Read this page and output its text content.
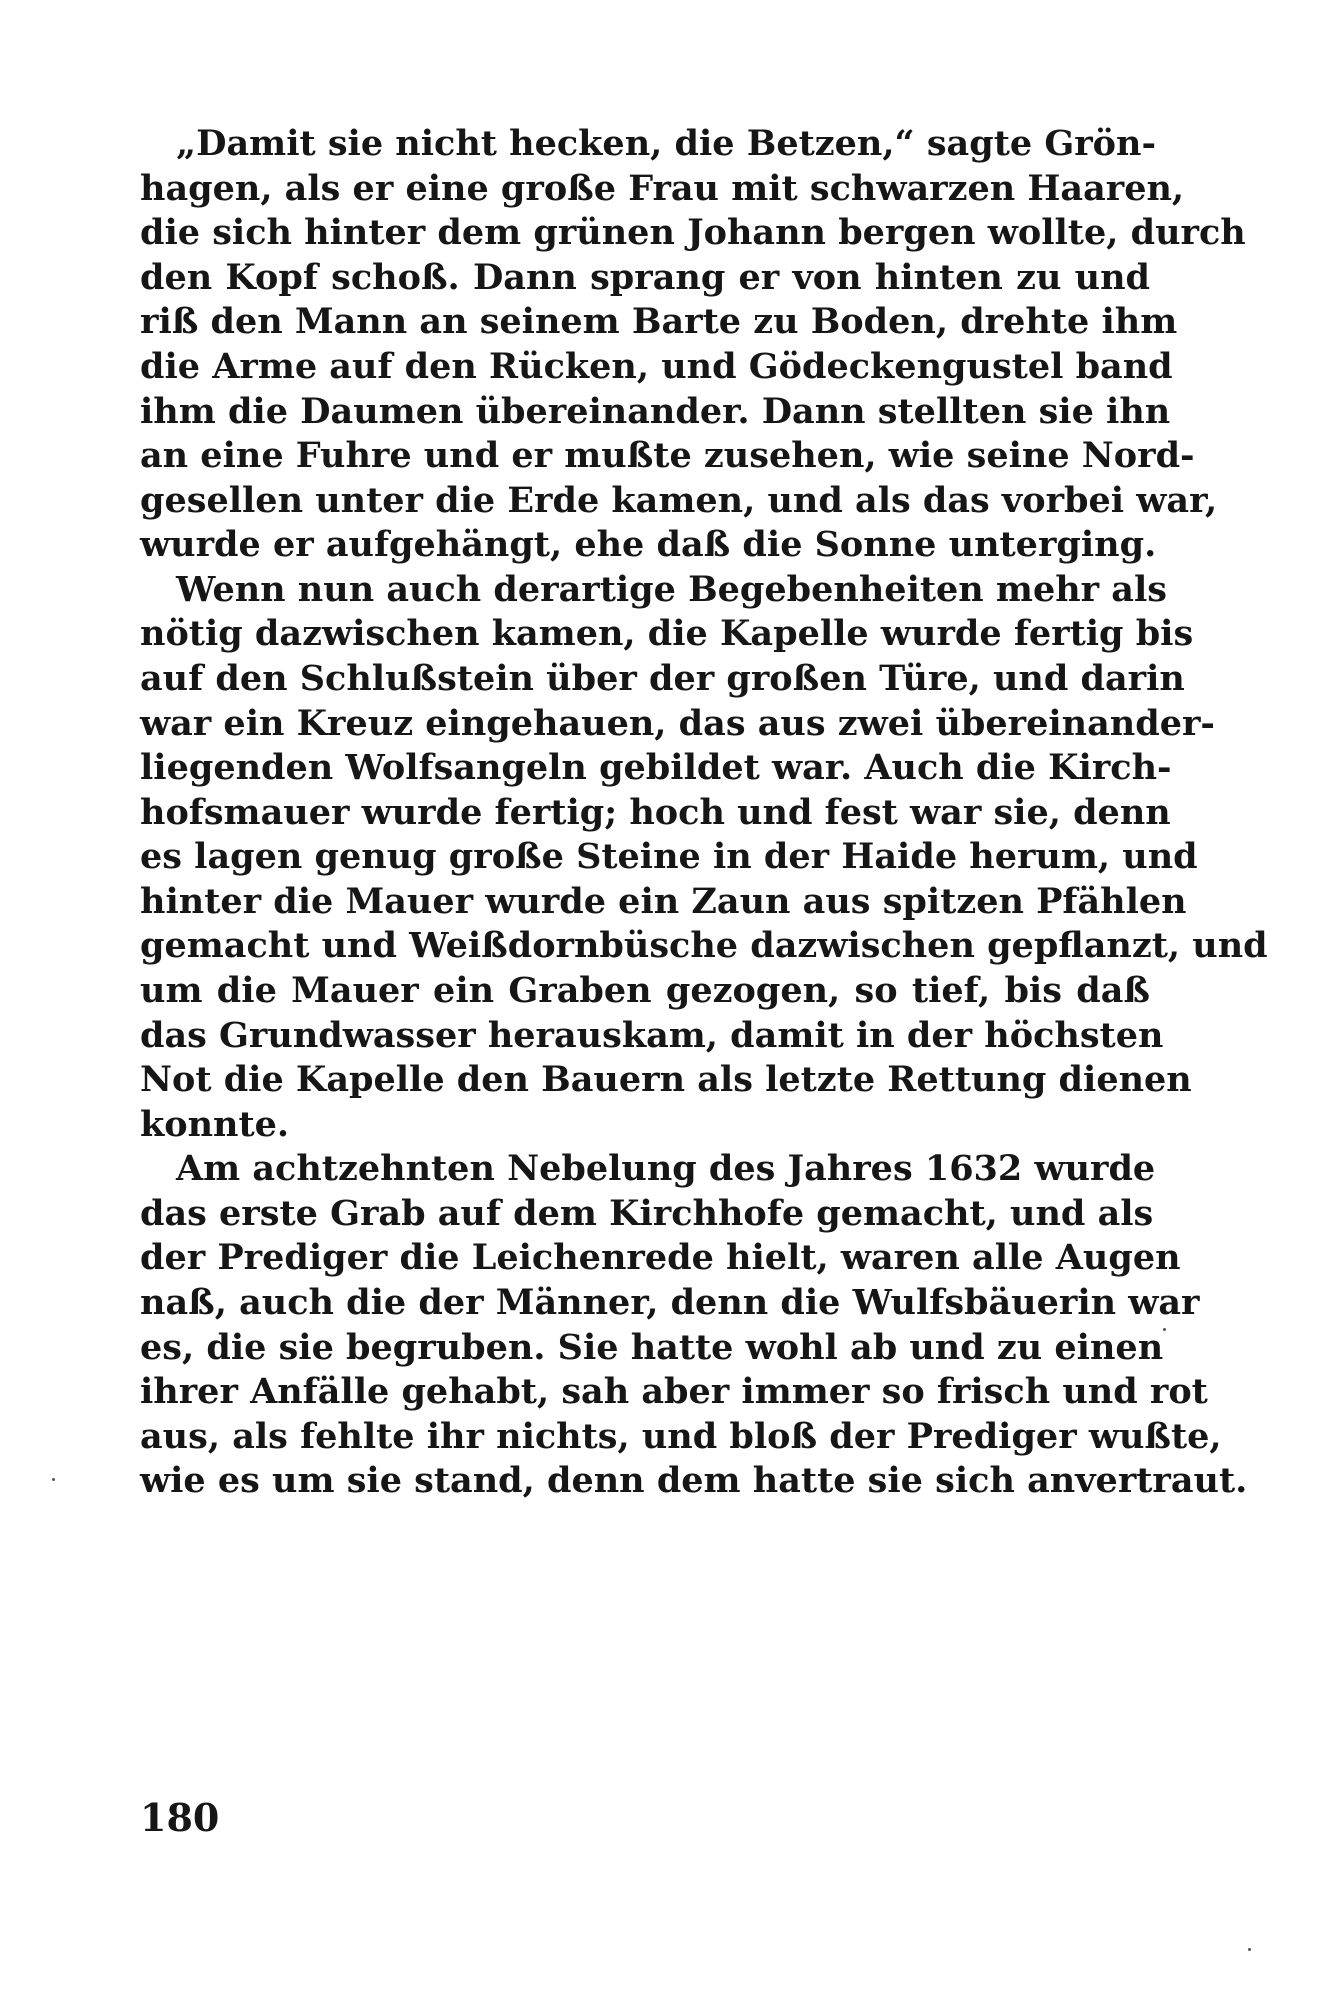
„Damit sie nicht hecken, die Betzen,“ sagte Grön-

hagen, als er eine große Frau mit schwarzen Haaren,

die sich hinter dem grünen Johann bergen wollte, durch

den Kopf schoß. Dann sprang er von hinten zu und

riß den Mann an seinem Barte zu Boden, drehte ihm

die Arme auf den Rücken, und Gödeckengustel band

ihm die Daumen übereinander. Dann stellten sie ihn

an eine Fuhre und er mußte zusehen, wie seine Nord-

gesellen unter die Erde kamen, und als das vorbei war,

wurde er aufgehängt, ehe daß die Sonne unterging.

Wenn nun auch derartige Begebenheiten mehr als

nötig dazwischen kamen, die Kapelle wurde fertig bis

auf den Schlußstein über der großen Türe, und darin

war ein Kreuz eingehauen, das aus zwei übereinander-

liegenden Wolfsangeln gebildet war. Auch die Kirch-

hofsmauer wurde fertig; hoch und fest war sie, denn

es lagen genug große Steine in der Haide herum, und

hinter die Mauer wurde ein Zaun aus spitzen Pfählen

gemacht und Weißdornbüsche dazwischen gepflanzt, und

um die Mauer ein Graben gezogen, so tief, bis daß

das Grundwasser herauskam, damit in der höchsten

Not die Kapelle den Bauern als letzte Rettung dienen

konnte.

Am achtzehnten Nebelung des Jahres 1632 wurde

das erste Grab auf dem Kirchhofe gemacht, und als

der Prediger die Leichenrede hielt, waren alle Augen

naß, auch die der Männer, denn die Wulfsbäuerin war

es, die sie begruben. Sie hatte wohl ab und zu einen

ihrer Anfälle gehabt, sah aber immer so frisch und rot

aus, als fehlte ihr nichts, und bloß der Prediger wußte,

wie es um sie stand, denn dem hatte sie sich anvertraut.

180
